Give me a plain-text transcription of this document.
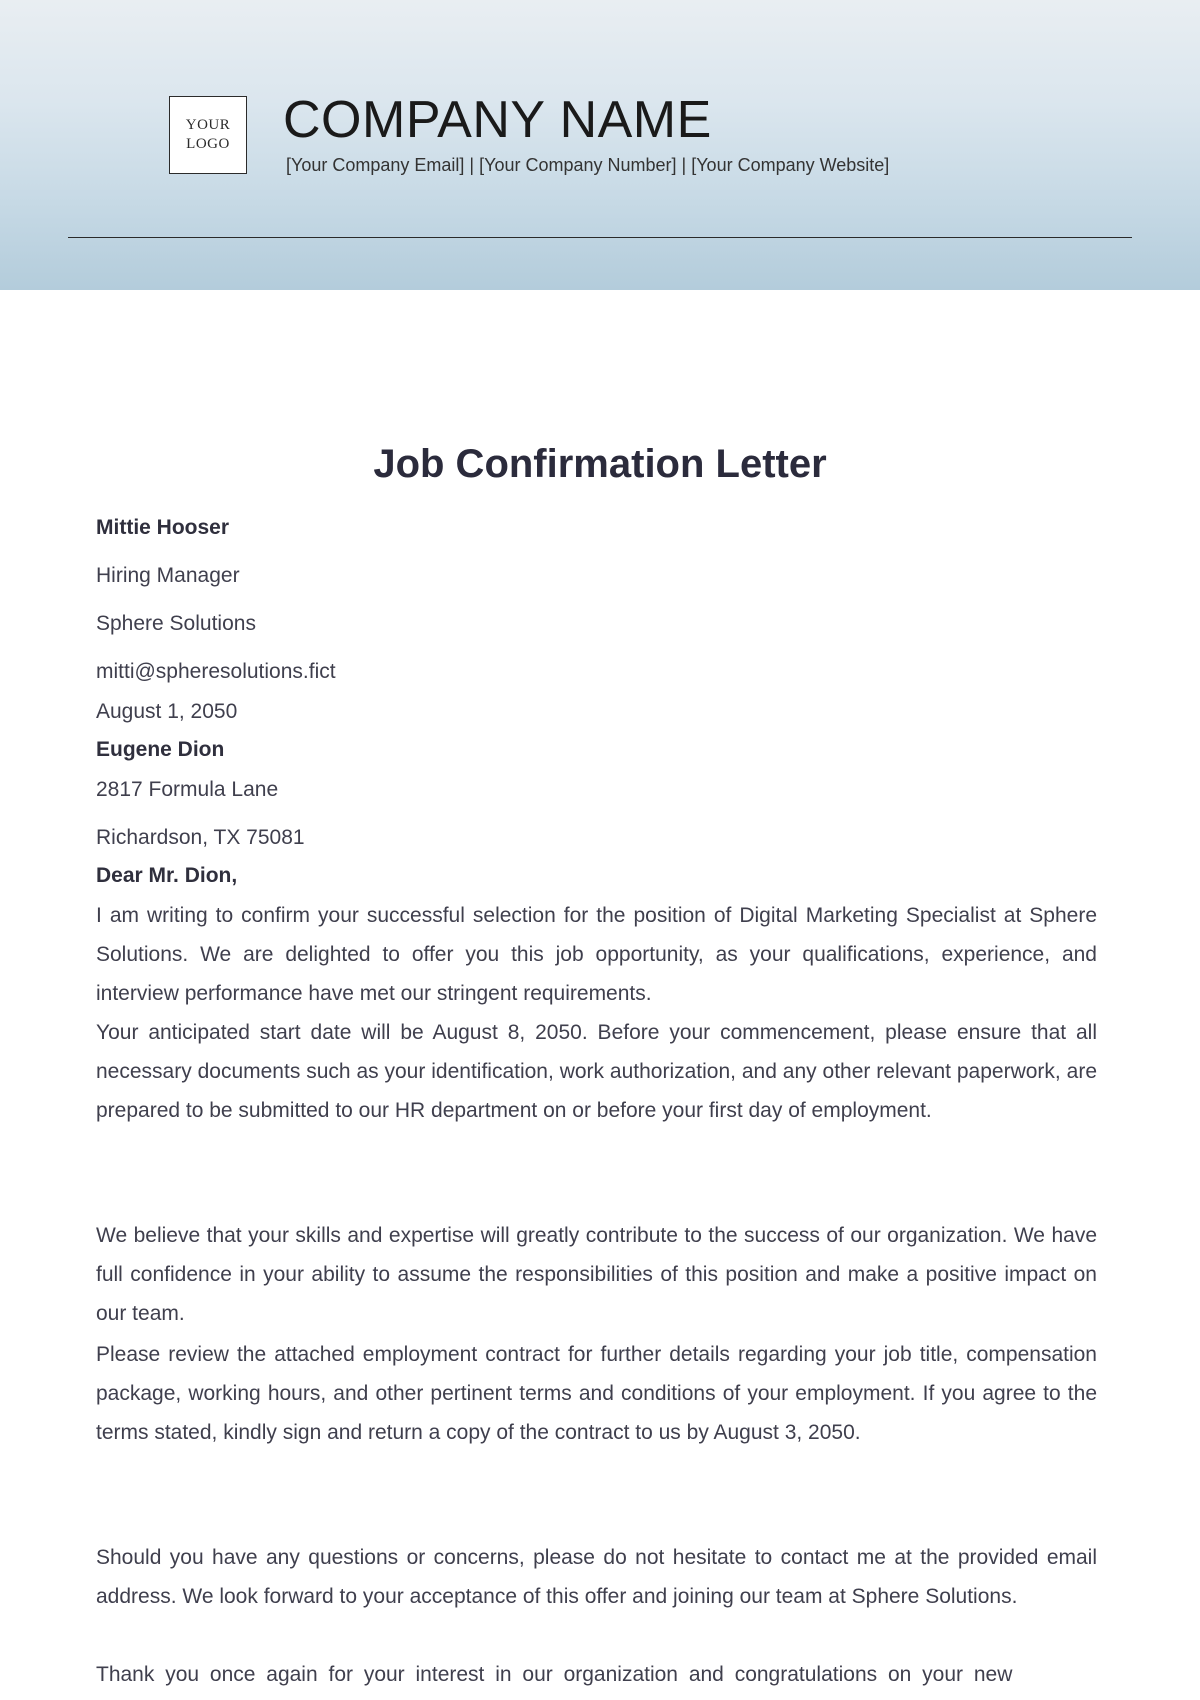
YOUR
LOGO COMPANY NAME
[Your Company Email] | [Your Company Number] | [Your Company Website]
Job Confirmation Letter
Mittie Hooser
Hiring Manager
Sphere Solutions
mitti@spheresolutions.fict
August 1, 2050
Eugene Dion
2817 Formula Lane
Richardson, TX 75081
Dear Mr. Dion,
I am writing to confirm your successful selection for the position of Digital Marketing Specialist at Sphere Solutions. We are delighted to offer you this job opportunity, as your qualifications, experience, and interview performance have met our stringent requirements.
Your anticipated start date will be August 8, 2050. Before your commencement, please ensure that all necessary documents such as your identification, work authorization, and any other relevant paperwork, are prepared to be submitted to our HR department on or before your first day of employment.
We believe that your skills and expertise will greatly contribute to the success of our organization. We have full confidence in your ability to assume the responsibilities of this position and make a positive impact on our team.
Please review the attached employment contract for further details regarding your job title, compensation package, working hours, and other pertinent terms and conditions of your employment. If you agree to the terms stated, kindly sign and return a copy of the contract to us by August 3, 2050.
Should you have any questions or concerns, please do not hesitate to contact me at the provided email address. We look forward to your acceptance of this offer and joining our team at Sphere Solutions.
Thank you once again for your interest in our organization and congratulations on your new
